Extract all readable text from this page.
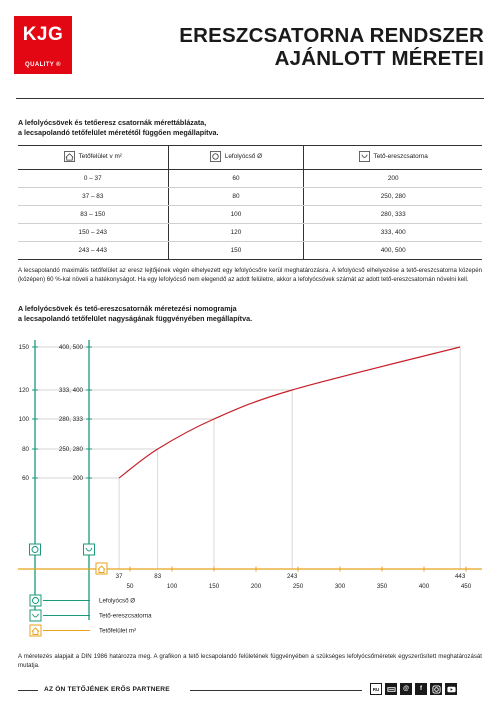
KJG
QUALITY ®
ERESZCSATORNA RENDSZER
AJÁNLOTT MÉRETEI
A lefolyócsövek és tetőeresz csatornák mérettáblázata,
a lecsapolandó tetőfelület méretétől függően megállapítva.
Tetőfelület v m²	Lefolyócső Ø	Tető-ereszcsatorna

0 – 37	60	200
37 – 83	80	250, 280
83 – 150	100	280, 333
150 – 243	120	333, 400
243 – 443	150	400, 500
A lecsapolandó maximális tetőfelület az eresz lejtőjének végén elhelyezett egy lefolyócsőre kerül meghatározásra. A lefolyócső elhelyezése a tető-ereszcsatorna közepén (középen) 60 %-kal növeli a hatékonyságot. Ha egy lefolyócső nem elegendő az adott felületre, akkor a lefolyócsövek számát az adott tető-ereszcsatornán növelni kell.
A lefolyócsövek és tető-ereszcsatornák méretezési nomogramja
a lecsapolandó tetőfelület nagyságának függvényében megállapítva.
60
80
100
120
150
200
250, 280
280, 333
333, 400
400, 500
37	83	243	443
50	100	150	200	250	300	350	400	450
Lefolyócső Ø
Tető-ereszcsatorna
Tetőfelület m²
A méretezés alapjait a DIN 1986 határozza meg. A grafikon a tető lecsapolandó felületének függvényében a szükséges lefolyócsőméretek egyszerűsített meghatározását mutatja.
AZ ÖN TETŐJÉNEK ERŐS PARTNERE	RU	@	f
